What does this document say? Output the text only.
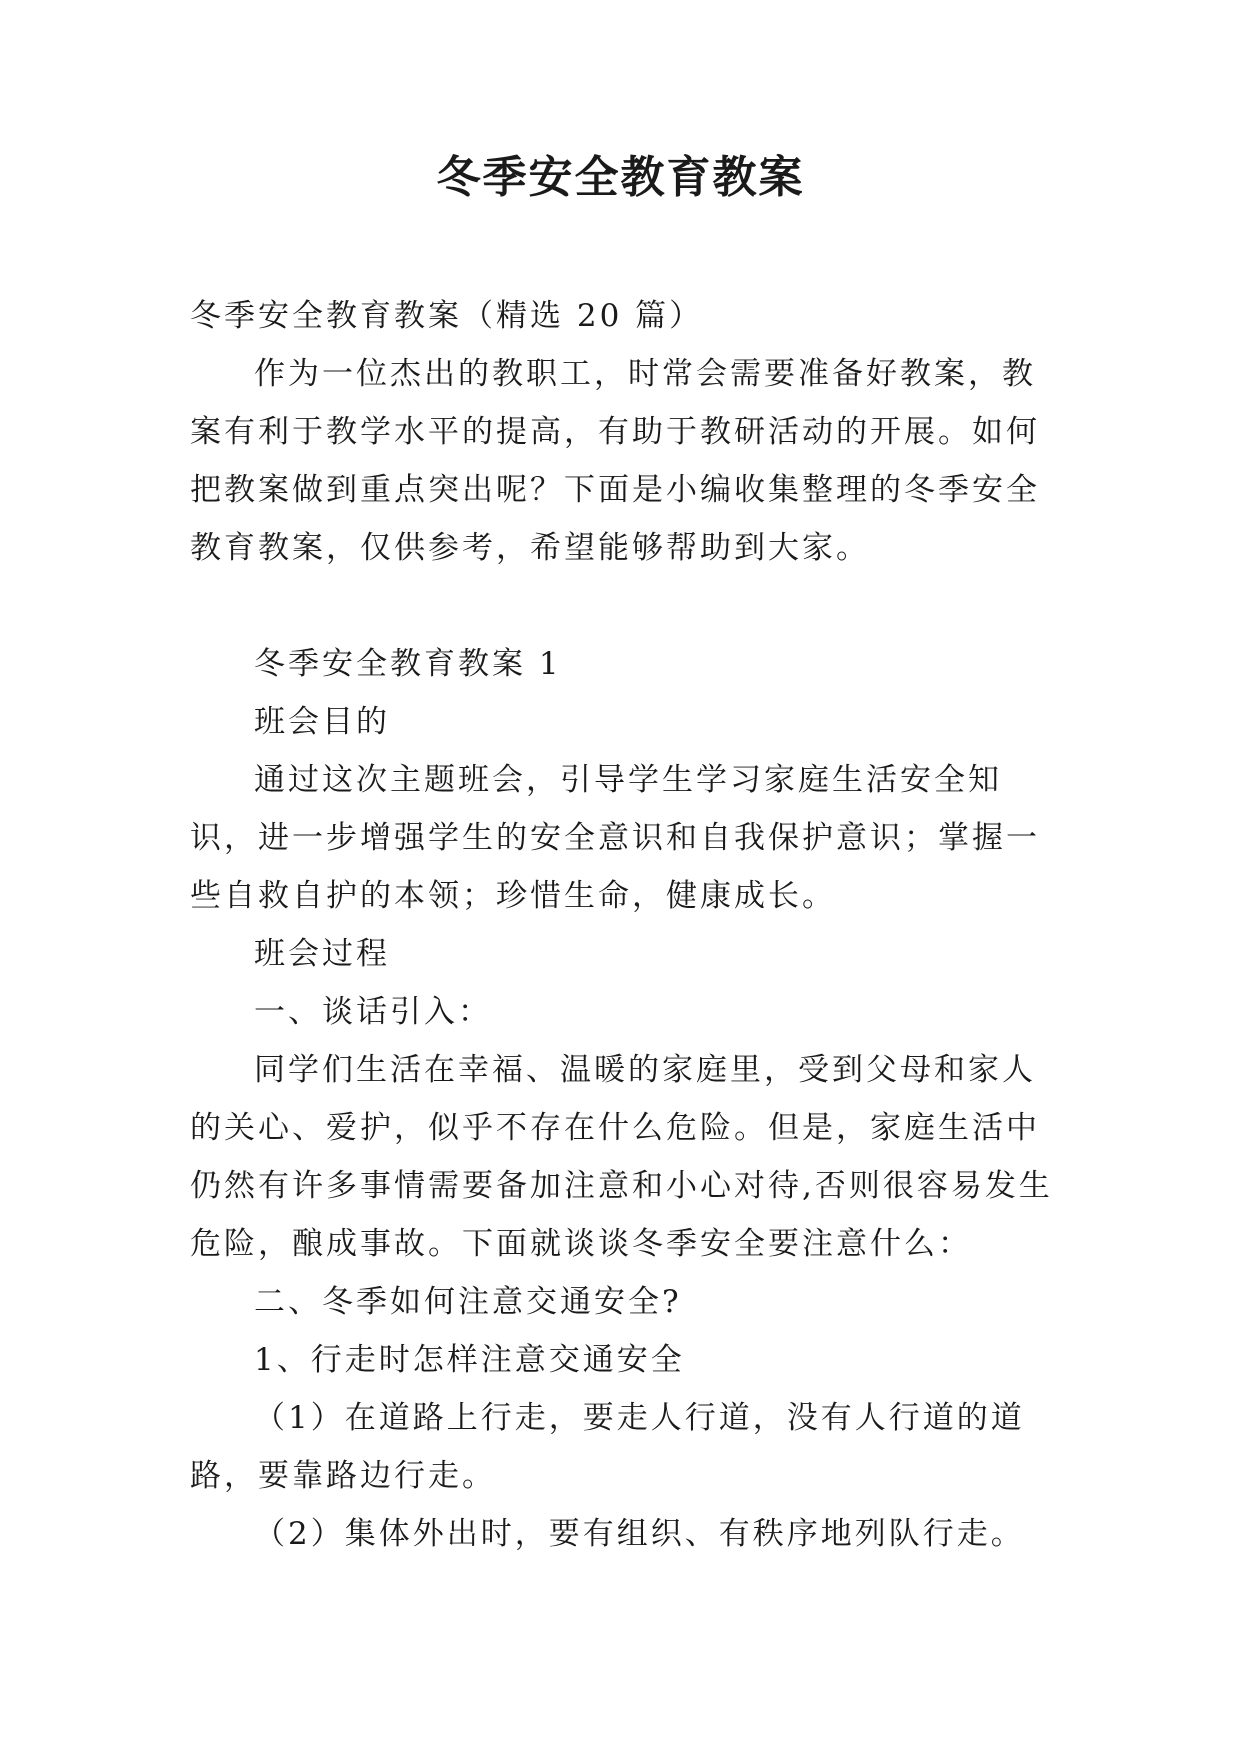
冬季安全教育教案

冬季安全教育教案（精选 20 篇）

作为一位杰出的教职工，时常会需要准备好教案，教案有利于教学水平的提高，有助于教研活动的开展。如何把教案做到重点突出呢？下面是小编收集整理的冬季安全教育教案，仅供参考，希望能够帮助到大家。

冬季安全教育教案 1

班会目的

通过这次主题班会，引导学生学习家庭生活安全知识，进一步增强学生的安全意识和自我保护意识；掌握一些自救自护的本领；珍惜生命，健康成长。

班会过程

一、谈话引入：

同学们生活在幸福、温暖的家庭里，受到父母和家人的关心、爱护，似乎不存在什么危险。但是，家庭生活中仍然有许多事情需要备加注意和小心对待,否则很容易发生危险，酿成事故。下面就谈谈冬季安全要注意什么：

二、冬季如何注意交通安全?

1、行走时怎样注意交通安全

（1）在道路上行走，要走人行道，没有人行道的道路，要靠路边行走。

（2）集体外出时，要有组织、有秩序地列队行走。
